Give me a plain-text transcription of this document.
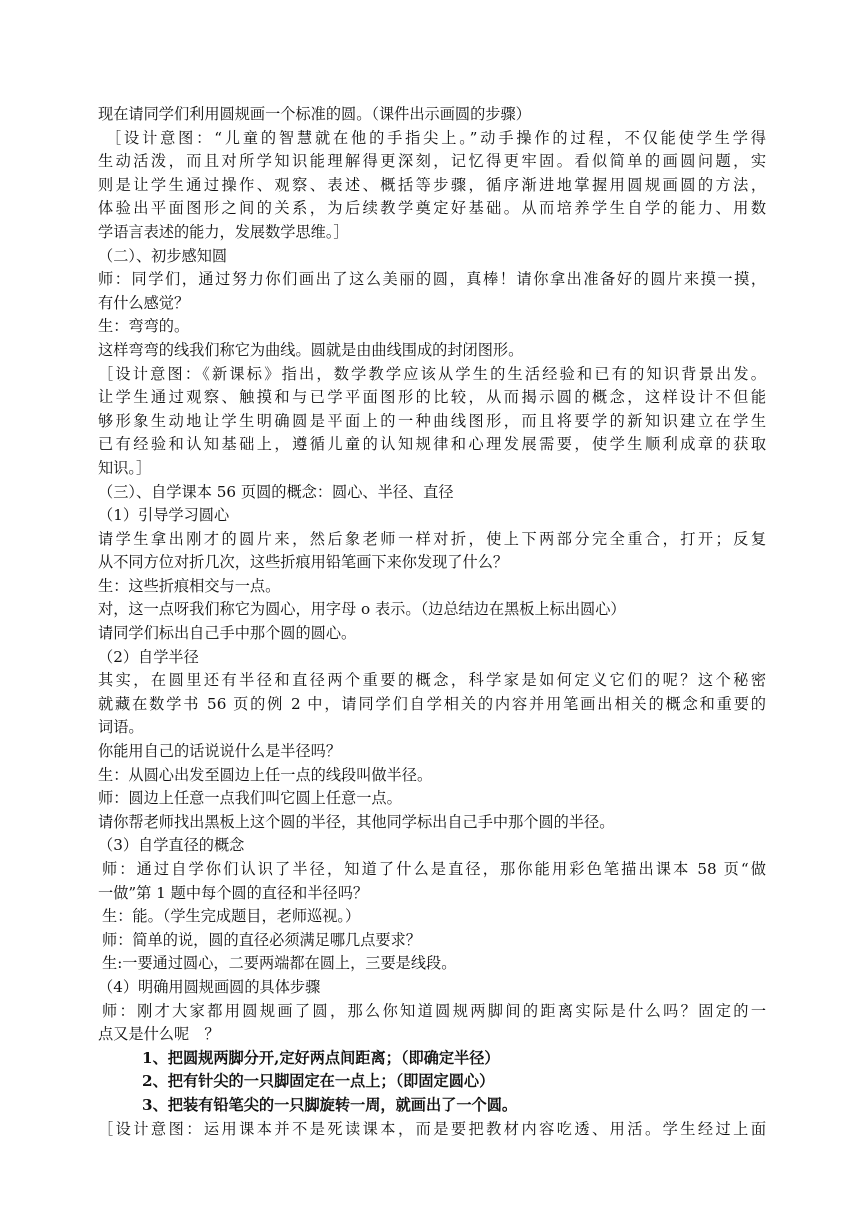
现在请同学们利用圆规画一个标准的圆。（课件出示画圆的步骤）

［设计意图：“儿童的智慧就在他的手指尖上。”动手操作的过程，不仅能使学生学得

生动活泼，而且对所学知识能理解得更深刻，记忆得更牢固。看似简单的画圆问题，实

则是让学生通过操作、观察、表述、概括等步骤，循序渐进地掌握用圆规画圆的方法，

体验出平面图形之间的关系，为后续教学奠定好基础。从而培养学生自学的能力、用数

学语言表述的能力，发展数学思维。］

（二）、初步感知圆

师：同学们，通过努力你们画出了这么美丽的圆，真棒！请你拿出准备好的圆片来摸一摸，

有什么感觉？

生：弯弯的。

这样弯弯的线我们称它为曲线。圆就是由曲线围成的封闭图形。

［设计意图：《新课标》指出，数学教学应该从学生的生活经验和已有的知识背景出发。

让学生通过观察、触摸和与已学平面图形的比较，从而揭示圆的概念，这样设计不但能

够形象生动地让学生明确圆是平面上的一种曲线图形，而且将要学的新知识建立在学生

已有经验和认知基础上，遵循儿童的认知规律和心理发展需要，使学生顺利成章的获取

知识。］

（三）、自学课本 56 页圆的概念：圆心、半径、直径

（1）引导学习圆心

请学生拿出刚才的圆片来，然后象老师一样对折，使上下两部分完全重合，打开；反复

从不同方位对折几次，这些折痕用铅笔画下来你发现了什么？

生：这些折痕相交与一点。

对，这一点呀我们称它为圆心，用字母 o 表示。（边总结边在黑板上标出圆心）

请同学们标出自己手中那个圆的圆心。

（2）自学半径

其实，在圆里还有半径和直径两个重要的概念，科学家是如何定义它们的呢？这个秘密

就藏在数学书 56 页的例 2 中，请同学们自学相关的内容并用笔画出相关的概念和重要的

词语。

你能用自己的话说说什么是半径吗？

生：从圆心出发至圆边上任一点的线段叫做半径。

师：圆边上任意一点我们叫它圆上任意一点。

请你帮老师找出黑板上这个圆的半径，其他同学标出自己手中那个圆的半径。

（3）自学直径的概念

师：通过自学你们认识了半径，知道了什么是直径，那你能用彩色笔描出课本 58 页“做

一做”第 1 题中每个圆的直径和半径吗？

生：能。（学生完成题目，老师巡视。）

师：简单的说，圆的直径必须满足哪几点要求？

生:一要通过圆心，二要两端都在圆上，三要是线段。

（4）明确用圆规画圆的具体步骤

师：刚才大家都用圆规画了圆，那么你知道圆规两脚间的距离实际是什么吗？固定的一

点又是什么呢　？

1、把圆规两脚分开,定好两点间距离；（即确定半径）

2、把有针尖的一只脚固定在一点上；（即固定圆心）

3、把装有铅笔尖的一只脚旋转一周，就画出了一个圆。

［设计意图：运用课本并不是死读课本，而是要把教材内容吃透、用活。学生经过上面
